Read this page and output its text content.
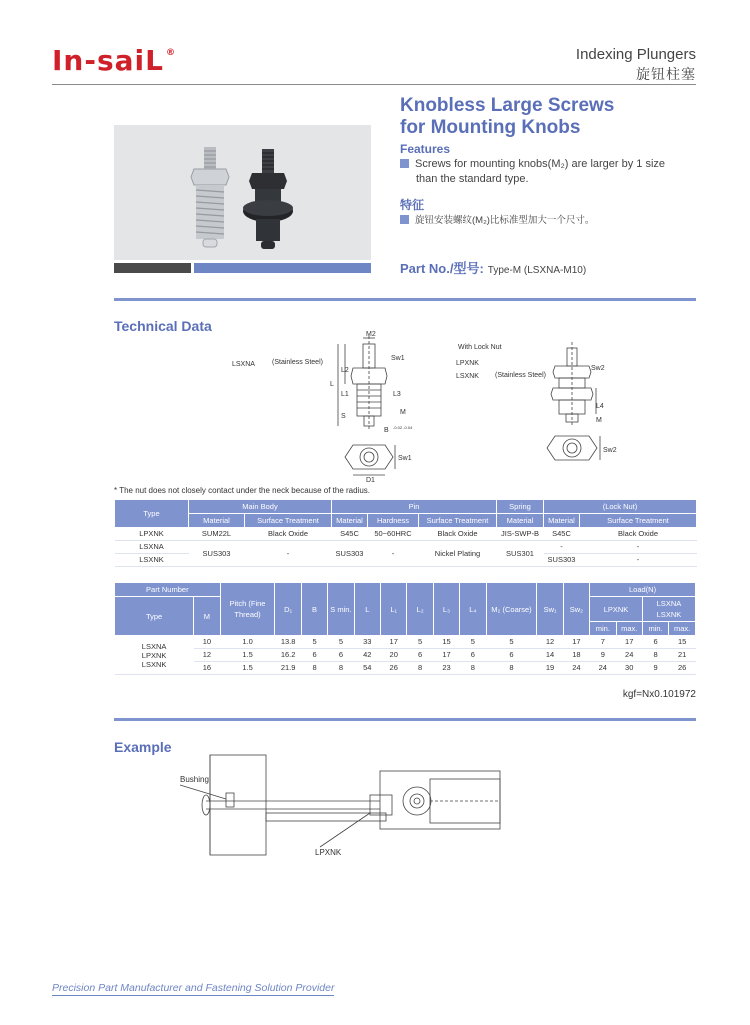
In-saiL ®	Indexing Plungers
旋钮柱塞
Knobless Large Screws
for Mounting Knobs
Features
Screws for mounting knobs(M₂) are larger by 1 size
than the standard type.
特征
旋钮安装螺纹(M₂)比标准型加大一个尺寸。
Part No./型号: Type-M (LSXNA-M10)
Technical Data
LSXNA (Stainless Steel)
M2
Sw1
L
L2
L1	L3
S
M
B -0.02 -0.04
Sw1
D1
With Lock Nut
LPXNK
LSXNK (Stainless Steel)
Sw2
L4
M
Sw2
* The nut does not closely contact under the neck because of the radius.
Type	Main Body		Pin			Spring	(Lock Nut)	
	Material	Surface Treatment	Material	Hardness	Surface Treatment	Material	Material	Surface Treatment
LPXNK	SUM22L	Black Oxide	S45C	50~60HRC	Black Oxide	JIS-SWP-B	S45C	Black Oxide
LSXNA	SUS303	-	SUS303	-	Nickel Plating	SUS301	-	-
LSXNK							SUS303	-
Part Number		Pitch (Fine Thread)	D₁	B	S min.	L	L₁	L₂	L₃	L₄	M₂ (Coarse)	Sw₁	Sw₂	Load(N)			
Type	M													LPXNK		LSXNA LSXNK	
														min.	max.	min.	max.

LSXNA
LPXNK
LSXNK	10	1.0	13.8	5	5	33	17	5	15	5	5	12	17	7	17	6	15
	12	1.5	16.2	6	6	42	20	6	17	6	6	14	18	9	24	8	21
	16	1.5	21.9	8	8	54	26	8	23	8	8	19	24	24	30	9	26
kgf=Nx0.101972
Example
Bushing
LPXNK
Precision Part Manufacturer and Fastening Solution Provider
